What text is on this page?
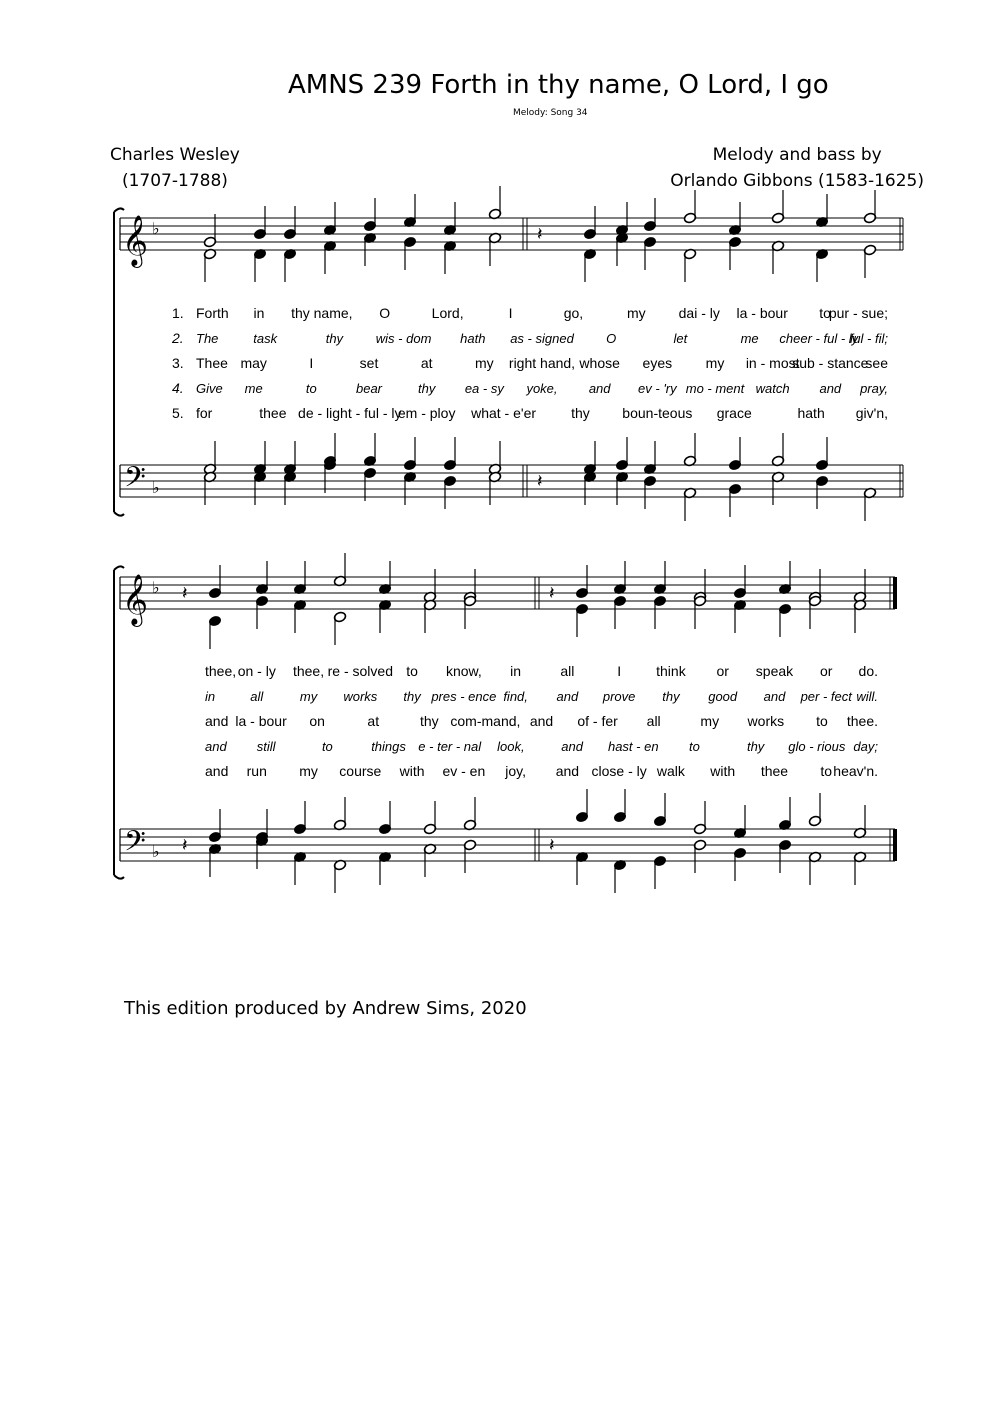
AMNS 239 Forth in thy name, O Lord, I go
Melody: Song 34
Charles Wesley
(1707-1788)
Melody and bass by
Orlando Gibbons (1583-1625)
𝄞
𝄢
♭
♭
𝄽
𝄽
𝄞
𝄢
♭
♭
𝄽
𝄽
𝄽
𝄽
1. Forth in thy name, O	Lord,	I	go,	my dai - ly la - bour to
pur - sue;
2. The	task	thy	wis - dom hath as - signed O	let	me cheer - ful - ly
ful - fil;
3. Thee may	I	set	at	my right hand, whose eyes my in - most
sub - stance
see
4. Give me	to	bear	thy ea - sy yoke, and ev - 'ry mo - ment watch and pray,
5. for	thee de - light - ful - ly
em - ploy what - e'er	thy boun-teous grace	hath giv'n,
thee, on - ly thee, re - solved to know, in	all	I	think or speak or do.
in	all	my works thy pres - ence find, and prove thy good and per - fect will.
and la - bour on	at	thy com-mand, and of - fer all	my works to thee.
and still	to	things e - ter - nal look,	and hast - en to	thy glo - rious day;
and run my course with ev - en joy, and close - ly walk with thee to heav'n.
This edition produced by Andrew Sims, 2020
